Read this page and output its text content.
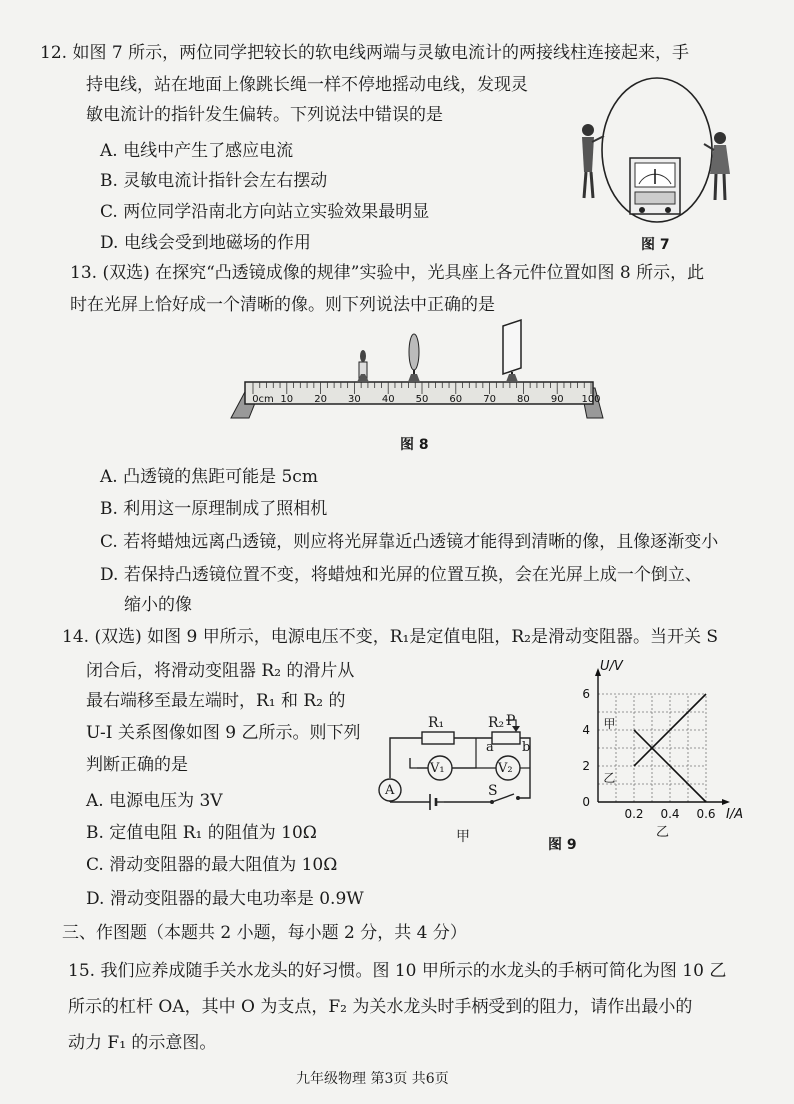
12. 如图 7 所示，两位同学把较长的软电线两端与灵敏电流计的两接线柱连接起来，手
持电线，站在地面上像跳长绳一样不停地摇动电线，发现灵
敏电流计的指针发生偏转。下列说法中错误的是
A. 电线中产生了感应电流
B. 灵敏电流计指针会左右摆动
C. 两位同学沿南北方向站立实验效果最明显
D. 电线会受到地磁场的作用	图 7
13. (双选) 在探究“凸透镜成像的规律”实验中，光具座上各元件位置如图 8 所示，此
时在光屏上恰好成一个清晰的像。则下列说法中正确的是
0cm 10 20 30 40 50 60 70 80 90 100
图 8
A. 凸透镜的焦距可能是 5cm
B. 利用这一原理制成了照相机
C. 若将蜡烛远离凸透镜，则应将光屏靠近凸透镜才能得到清晰的像，且像逐渐变小
D. 若保持凸透镜位置不变，将蜡烛和光屏的位置互换，会在光屏上成一个倒立、
缩小的像
14. (双选) 如图 9 甲所示，电源电压不变，R₁是定值电阻，R₂是滑动变阻器。当开关 S
闭合后，将滑动变阻器 R₂ 的滑片从
最右端移至最左端时，R₁ 和 R₂ 的
U-I 关系图像如图 9 乙所示。则下列
判断正确的是
A. 电源电压为 3V
B. 定值电阻 R₁ 的阻值为 10Ω
C. 滑动变阻器的最大阻值为 10Ω
D. 滑动变阻器的最大电功率是 0.9W
R₁	R₂ P
a b
V₁	V₂
A	S
甲
0
2
4
6
0.2 0.4 0.6
U/V
I/A
甲
乙
乙
图 9
三、作图题（本题共 2 小题，每小题 2 分，共 4 分）
15. 我们应养成随手关水龙头的好习惯。图 10 甲所示的水龙头的手柄可简化为图 10 乙
所示的杠杆 OA，其中 O 为支点，F₂ 为关水龙头时手柄受到的阻力，请作出最小的
动力 F₁ 的示意图。
九年级物理 第3页 共6页
